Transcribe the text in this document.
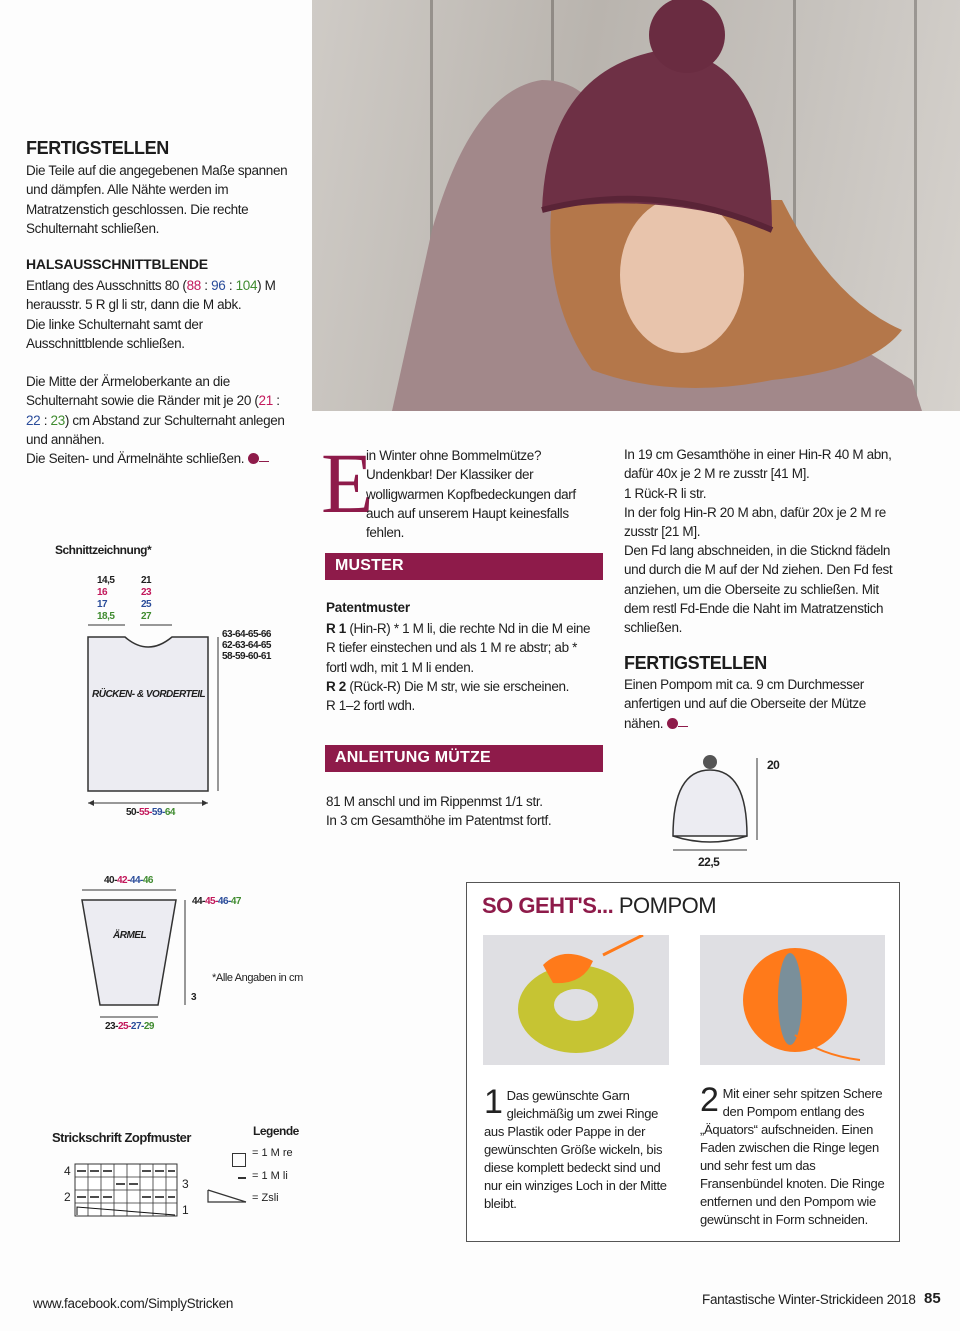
FERTIGSTELLEN
Die Teile auf die angegebenen Maße spannen und dämpfen. Alle Nähte werden im Matratzenstich geschlossen. Die rechte Schulternaht schließen.
HALSAUSSCHNITTBLENDE
Entlang des Ausschnitts 80 (88 : 96 : 104) M herausstr. 5 R gl li str, dann die M abk.
Die linke Schulternaht samt der Ausschnittblende schließen.
Die Mitte der Ärmeloberkante an die Schulternaht sowie die Ränder mit je 20 (21 : 22 : 23) cm Abstand zur Schulternaht anlegen und annähen.
Die Seiten- und Ärmelnähte schließen.
Schnittzeichnung*
14,5
16
17
18,5
21
23
25
27
63-64-65-66
62-63-64-65
58-59-60-61
RÜCKEN- & VORDERTEIL
50-55-59-64
40-42-44-46
ÄRMEL
44-45-46-47
3
23-25-27-29
*Alle Angaben in cm
Strickschrift Zopfmuster
4
2
3
1
Legende
= 1 M re
= 1 M li
= Zsli
E
in Winter ohne Bommelmütze? Undenkbar! Der Klassiker der wolligwarmen Kopfbedeckungen darf auch auf unserem Haupt keinesfalls fehlen.
MUSTER
Patentmuster
R 1 (Hin-R) * 1 M li, die rechte Nd in die M eine R tiefer einstechen und als 1 M re abstr; ab * fortl wdh, mit 1 M li enden.
R 2 (Rück-R) Die M str, wie sie erscheinen.
R 1–2 fortl wdh.
ANLEITUNG MÜTZE
81 M anschl und im Rippenmst 1/1 str.
In 3 cm Gesamthöhe im Patentmst fortf.
In 19 cm Gesamthöhe in einer Hin-R 40 M abn, dafür 40x je 2 M re zusstr [41 M].
1 Rück-R li str.
In der folg Hin-R 20 M abn, dafür 20x je 2 M re zusstr [21 M].
Den Fd lang abschneiden, in die Sticknd fädeln und durch die M auf der Nd ziehen. Den Fd fest anziehen, um die Oberseite zu schließen. Mit dem restl Fd-Ende die Naht im Matratzenstich schließen.
FERTIGSTELLEN
Einen Pompom mit ca. 9 cm Durchmesser anfertigen und auf die Oberseite der Mütze nähen.
20
22,5
SO GEHT'S... POMPOM
1 Das gewünschte Garn gleichmäßig um zwei Ringe aus Plastik oder Pappe in der gewünschten Größe wickeln, bis diese komplett bedeckt sind und nur ein winziges Loch in der Mitte bleibt.
2 Mit einer sehr spitzen Schere den Pompom entlang des „Äquators“ aufschneiden. Einen Faden zwischen die Ringe legen und sehr fest um das Fransenbündel knoten. Die Ringe entfernen und den Pompom wie gewünscht in Form schneiden.
www.facebook.com/SimplyStricken	Fantastische Winter-Strickideen 2018 85
